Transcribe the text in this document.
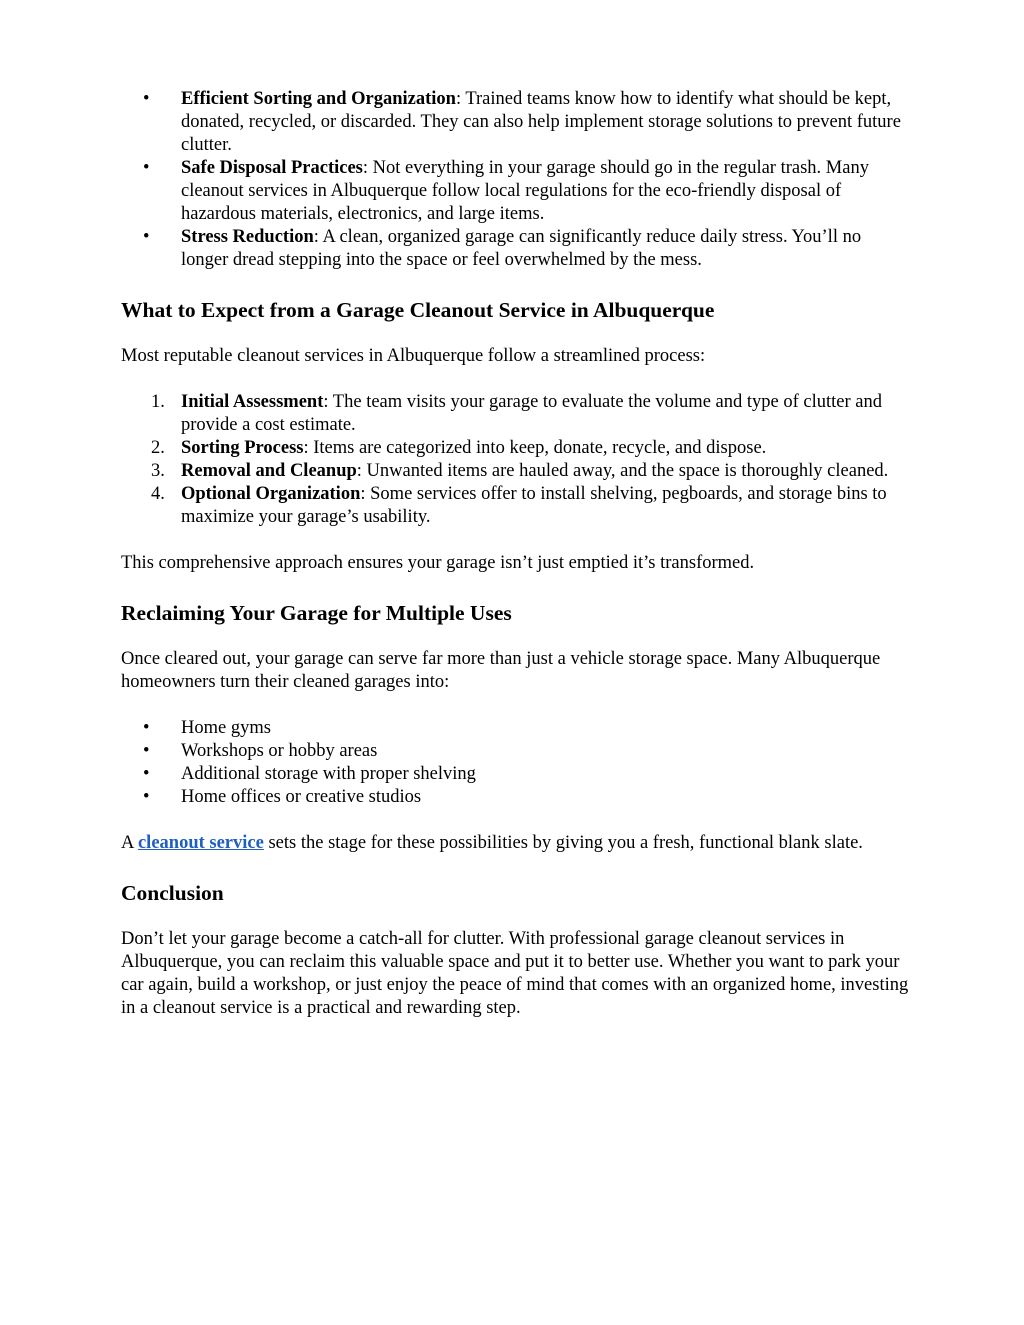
• Efficient Sorting and Organization: Trained teams know how to identify what should be kept, donated, recycled, or discarded. They can also help implement storage solutions to prevent future clutter.
• Safe Disposal Practices: Not everything in your garage should go in the regular trash. Many cleanout services in Albuquerque follow local regulations for the eco-friendly disposal of hazardous materials, electronics, and large items.
• Stress Reduction: A clean, organized garage can significantly reduce daily stress. You’ll no longer dread stepping into the space or feel overwhelmed by the mess.
What to Expect from a Garage Cleanout Service in Albuquerque

Most reputable cleanout services in Albuquerque follow a streamlined process:

1. Initial Assessment: The team visits your garage to evaluate the volume and type of clutter and provide a cost estimate.
2. Sorting Process: Items are categorized into keep, donate, recycle, and dispose.
3. Removal and Cleanup: Unwanted items are hauled away, and the space is thoroughly cleaned.
4. Optional Organization: Some services offer to install shelving, pegboards, and storage bins to maximize your garage’s usability.

This comprehensive approach ensures your garage isn’t just emptied it’s transformed.

Reclaiming Your Garage for Multiple Uses

Once cleared out, your garage can serve far more than just a vehicle storage space. Many Albuquerque homeowners turn their cleaned garages into:

• Home gyms
• Workshops or hobby areas
• Additional storage with proper shelving
• Home offices or creative studios

A cleanout service sets the stage for these possibilities by giving you a fresh, functional blank slate.

Conclusion

Don’t let your garage become a catch-all for clutter. With professional garage cleanout services in Albuquerque, you can reclaim this valuable space and put it to better use. Whether you want to park your car again, build a workshop, or just enjoy the peace of mind that comes with an organized home, investing in a cleanout service is a practical and rewarding step.
